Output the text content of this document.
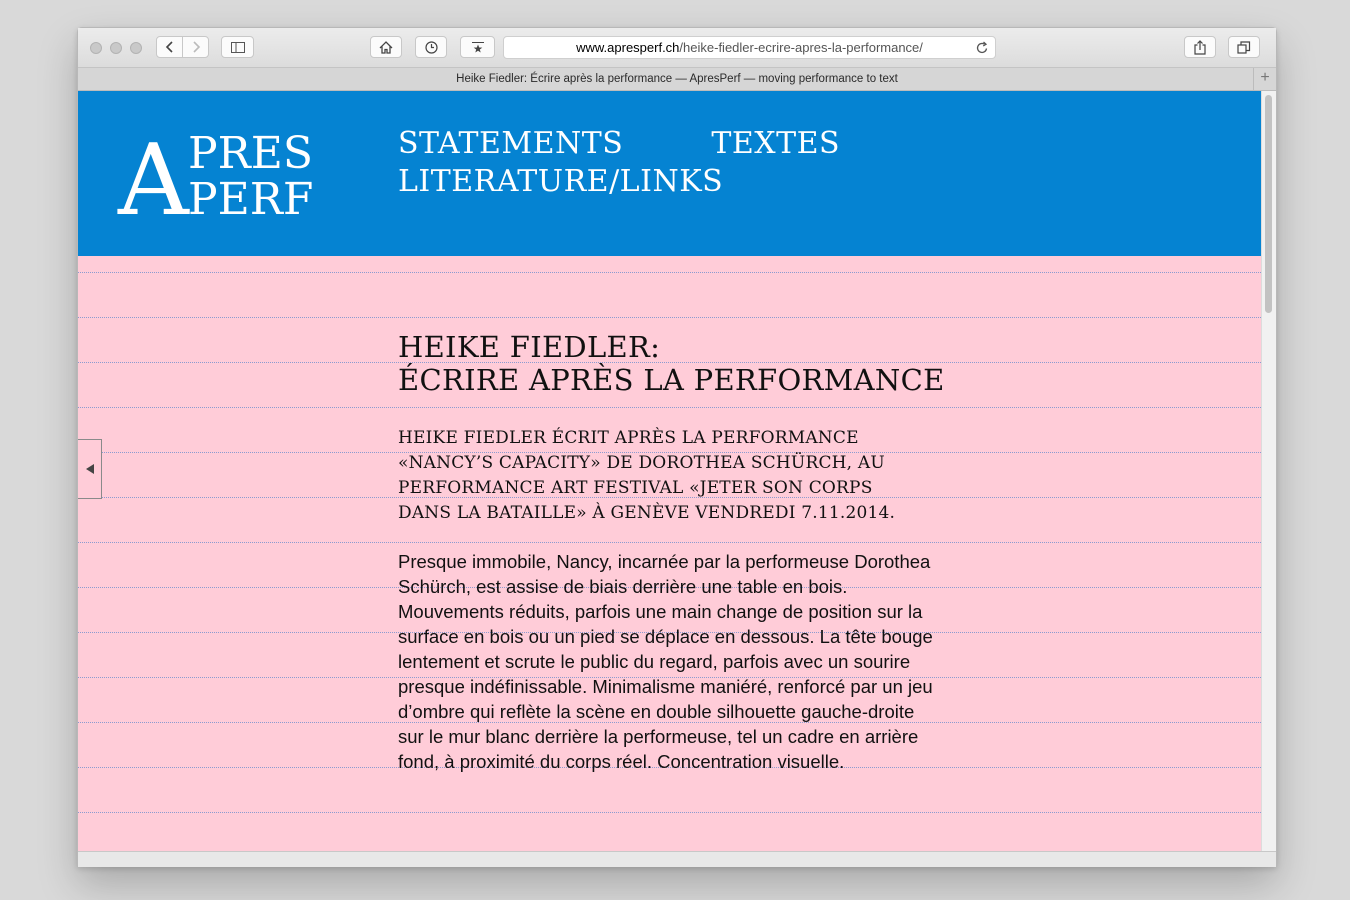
www.apresperf.ch/heike-fiedler-ecrire-apres-la-performance/
Heike Fiedler: Écrire après la performance — ApresPerf — moving performance to text	+
A PRES
PERF
STATEMENTS	TEXTES
LITERATURE/LINKS
HEIKE FIEDLER:
ÉCRIRE APRÈS LA PERFORMANCE

HEIKE FIEDLER ÉCRIT APRÈS LA PERFORMANCE «NANCY’S CAPACITY» DE DOROTHEA SCHÜRCH, AU PERFORMANCE ART FESTIVAL «JETER SON CORPS DANS LA BATAILLE» À GENÈVE VENDREDI 7.11.2014.

Presque immobile, Nancy, incarnée par la performeuse Dorothea Schürch, est assise de biais derrière une table en bois. Mouvements réduits, parfois une main change de position sur la surface en bois ou un pied se déplace en dessous. La tête bouge lentement et scrute le public du regard, parfois avec un sourire presque indéfinissable. Minimalisme maniéré, renforcé par un jeu d’ombre qui reflète la scène en double silhouette gauche-droite sur le mur blanc derrière la performeuse, tel un cadre en arrière fond, à proximité du corps réel. Concentration visuelle.
